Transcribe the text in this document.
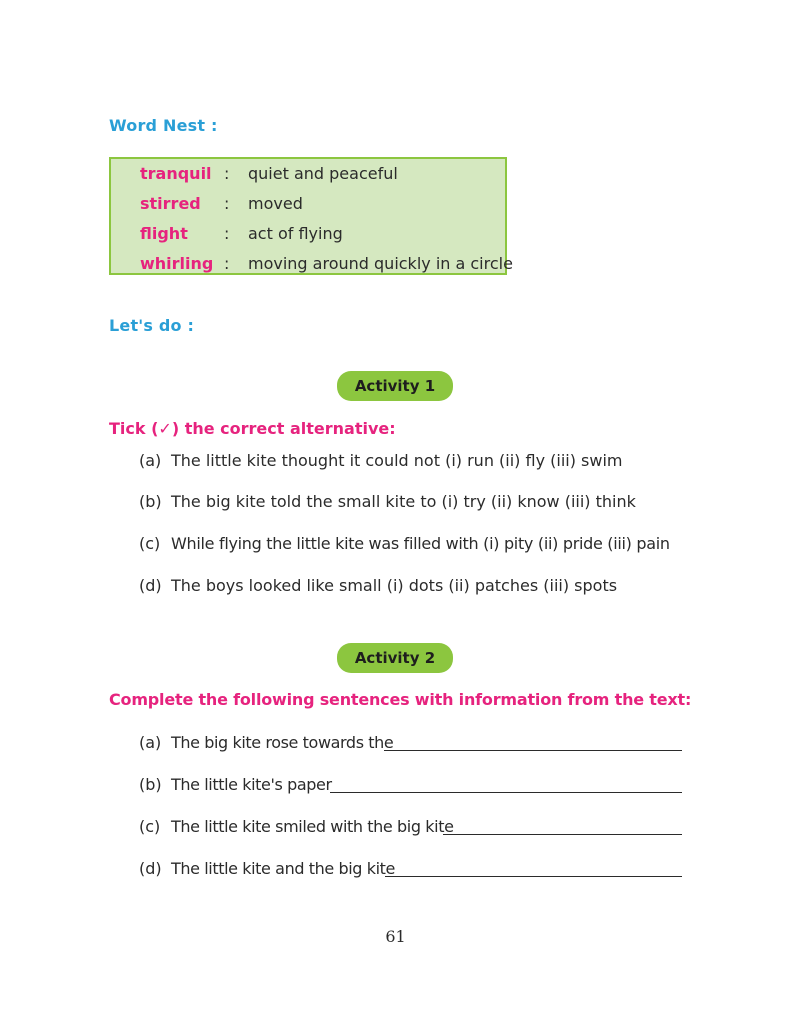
Word Nest :
tranquil : quiet and peaceful
stirred : moved
flight : act of flying
whirling : moving around quickly in a circle
Let's do :
Activity 1
Tick (✓) the correct alternative:
(a) The little kite thought it could not (i) run (ii) fly (iii) swim
(b) The big kite told the small kite to (i) try (ii) know (iii) think
(c) While flying the little kite was filled with (i) pity (ii) pride (iii) pain
(d) The boys looked like small (i) dots (ii) patches (iii) spots
Activity 2
Complete the following sentences with information from the text:
(a) The big kite rose towards the
(b) The little kite's paper
(c) The little kite smiled with the big kite
(d) The little kite and the big kite
61
